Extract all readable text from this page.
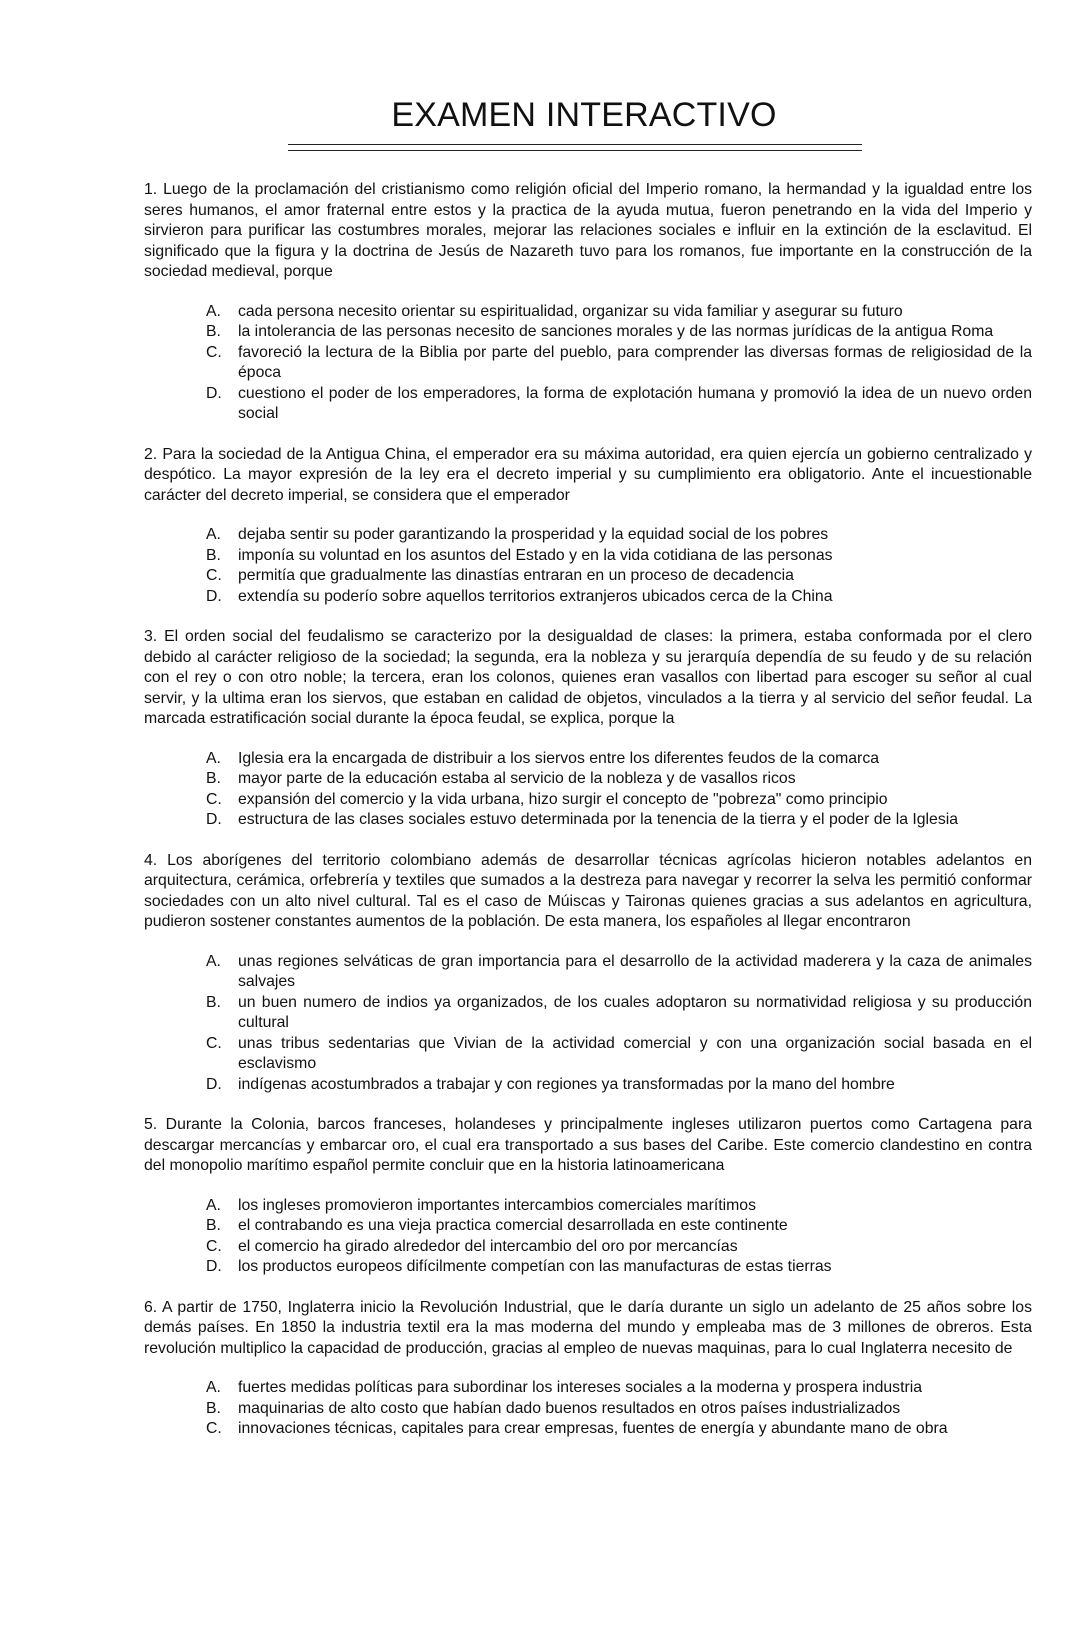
EXAMEN INTERACTIVO

1. Luego de la proclamación del cristianismo como religión oficial del Imperio romano, la hermandad y la igualdad entre los seres humanos, el amor fraternal entre estos y la practica de la ayuda mutua, fueron penetrando en la vida del Imperio y sirvieron para purificar las costumbres morales, mejorar las relaciones sociales e influir en la extinción de la esclavitud. El significado que la figura y la doctrina de Jesús de Nazareth tuvo para los romanos, fue importante en la construcción de la sociedad medieval, porque

A.	cada persona necesito orientar su espiritualidad, organizar su vida familiar y asegurar su futuro
B.	la intolerancia de las personas necesito de sanciones morales y de las normas jurídicas de la antigua Roma
C.	favoreció la lectura de la Biblia por parte del pueblo, para comprender las diversas formas de religiosidad de la época
D.	cuestiono el poder de los emperadores, la forma de explotación humana y promovió la idea de un nuevo orden social

2. Para la sociedad de la Antigua China, el emperador era su máxima autoridad, era quien ejercía un gobierno centralizado y despótico. La mayor expresión de la ley era el decreto imperial y su cumplimiento era obligatorio. Ante el incuestionable carácter del decreto imperial, se considera que el emperador

A.	dejaba sentir su poder garantizando la prosperidad y la equidad social de los pobres
B.	imponía su voluntad en los asuntos del Estado y en la vida cotidiana de las personas
C.	permitía que gradualmente las dinastías entraran en un proceso de decadencia
D.	extendía su poderío sobre aquellos territorios extranjeros ubicados cerca de la China

3. El orden social del feudalismo se caracterizo por la desigualdad de clases: la primera, estaba conformada por el clero debido al carácter religioso de la sociedad; la segunda, era la nobleza y su jerarquía dependía de su feudo y de su relación con el rey o con otro noble; la tercera, eran los colonos, quienes eran vasallos con libertad para escoger su señor al cual servir, y la ultima eran los siervos, que estaban en calidad de objetos, vinculados a la tierra y al servicio del señor feudal. La marcada estratificación social durante la época feudal, se explica, porque la

A.	Iglesia era la encargada de distribuir a los siervos entre los diferentes feudos de la comarca
B.	mayor parte de la educación estaba al servicio de la nobleza y de vasallos ricos
C.	expansión del comercio y la vida urbana, hizo surgir el concepto de "pobreza" como principio
D.	estructura de las clases sociales estuvo determinada por la tenencia de la tierra y el poder de la Iglesia

4. Los aborígenes del territorio colombiano además de desarrollar técnicas agrícolas hicieron notables adelantos en arquitectura, cerámica, orfebrería y textiles que sumados a la destreza para navegar y recorrer la selva les permitió conformar sociedades con un alto nivel cultural. Tal es el caso de Múiscas y Taironas quienes gracias a sus adelantos en agricultura, pudieron sostener constantes aumentos de la población. De esta manera, los españoles al llegar encontraron

A.	unas regiones selváticas de gran importancia para el desarrollo de la actividad maderera y la caza de animales salvajes
B.	un buen numero de indios ya organizados, de los cuales adoptaron su normatividad religiosa y su producción cultural
C.	unas tribus sedentarias que Vivian de la actividad comercial y con una organización social basada en el esclavismo
D.	indígenas acostumbrados a trabajar y con regiones ya transformadas por la mano del hombre

5. Durante la Colonia, barcos franceses, holandeses y principalmente ingleses utilizaron puertos como Cartagena para descargar mercancías y embarcar oro, el cual era transportado a sus bases del Caribe. Este comercio clandestino en contra del monopolio marítimo español permite concluir que en la historia latinoamericana

A.	los ingleses promovieron importantes intercambios comerciales marítimos
B.	el contrabando es una vieja practica comercial desarrollada en este continente
C.	el comercio ha girado alrededor del intercambio del oro por mercancías
D.	los productos europeos difícilmente competían con las manufacturas de estas tierras

6. A partir de 1750, Inglaterra inicio la Revolución Industrial, que le daría durante un siglo un adelanto de 25 años sobre los demás países. En 1850 la industria textil era la mas moderna del mundo y empleaba mas de 3 millones de obreros. Esta revolución multiplico la capacidad de producción, gracias al empleo de nuevas maquinas, para lo cual Inglaterra necesito de

A.	fuertes medidas políticas para subordinar los intereses sociales a la moderna y prospera industria
B.	maquinarias de alto costo que habían dado buenos resultados en otros países industrializados
C.	innovaciones técnicas, capitales para crear empresas, fuentes de energía y abundante mano de obra
